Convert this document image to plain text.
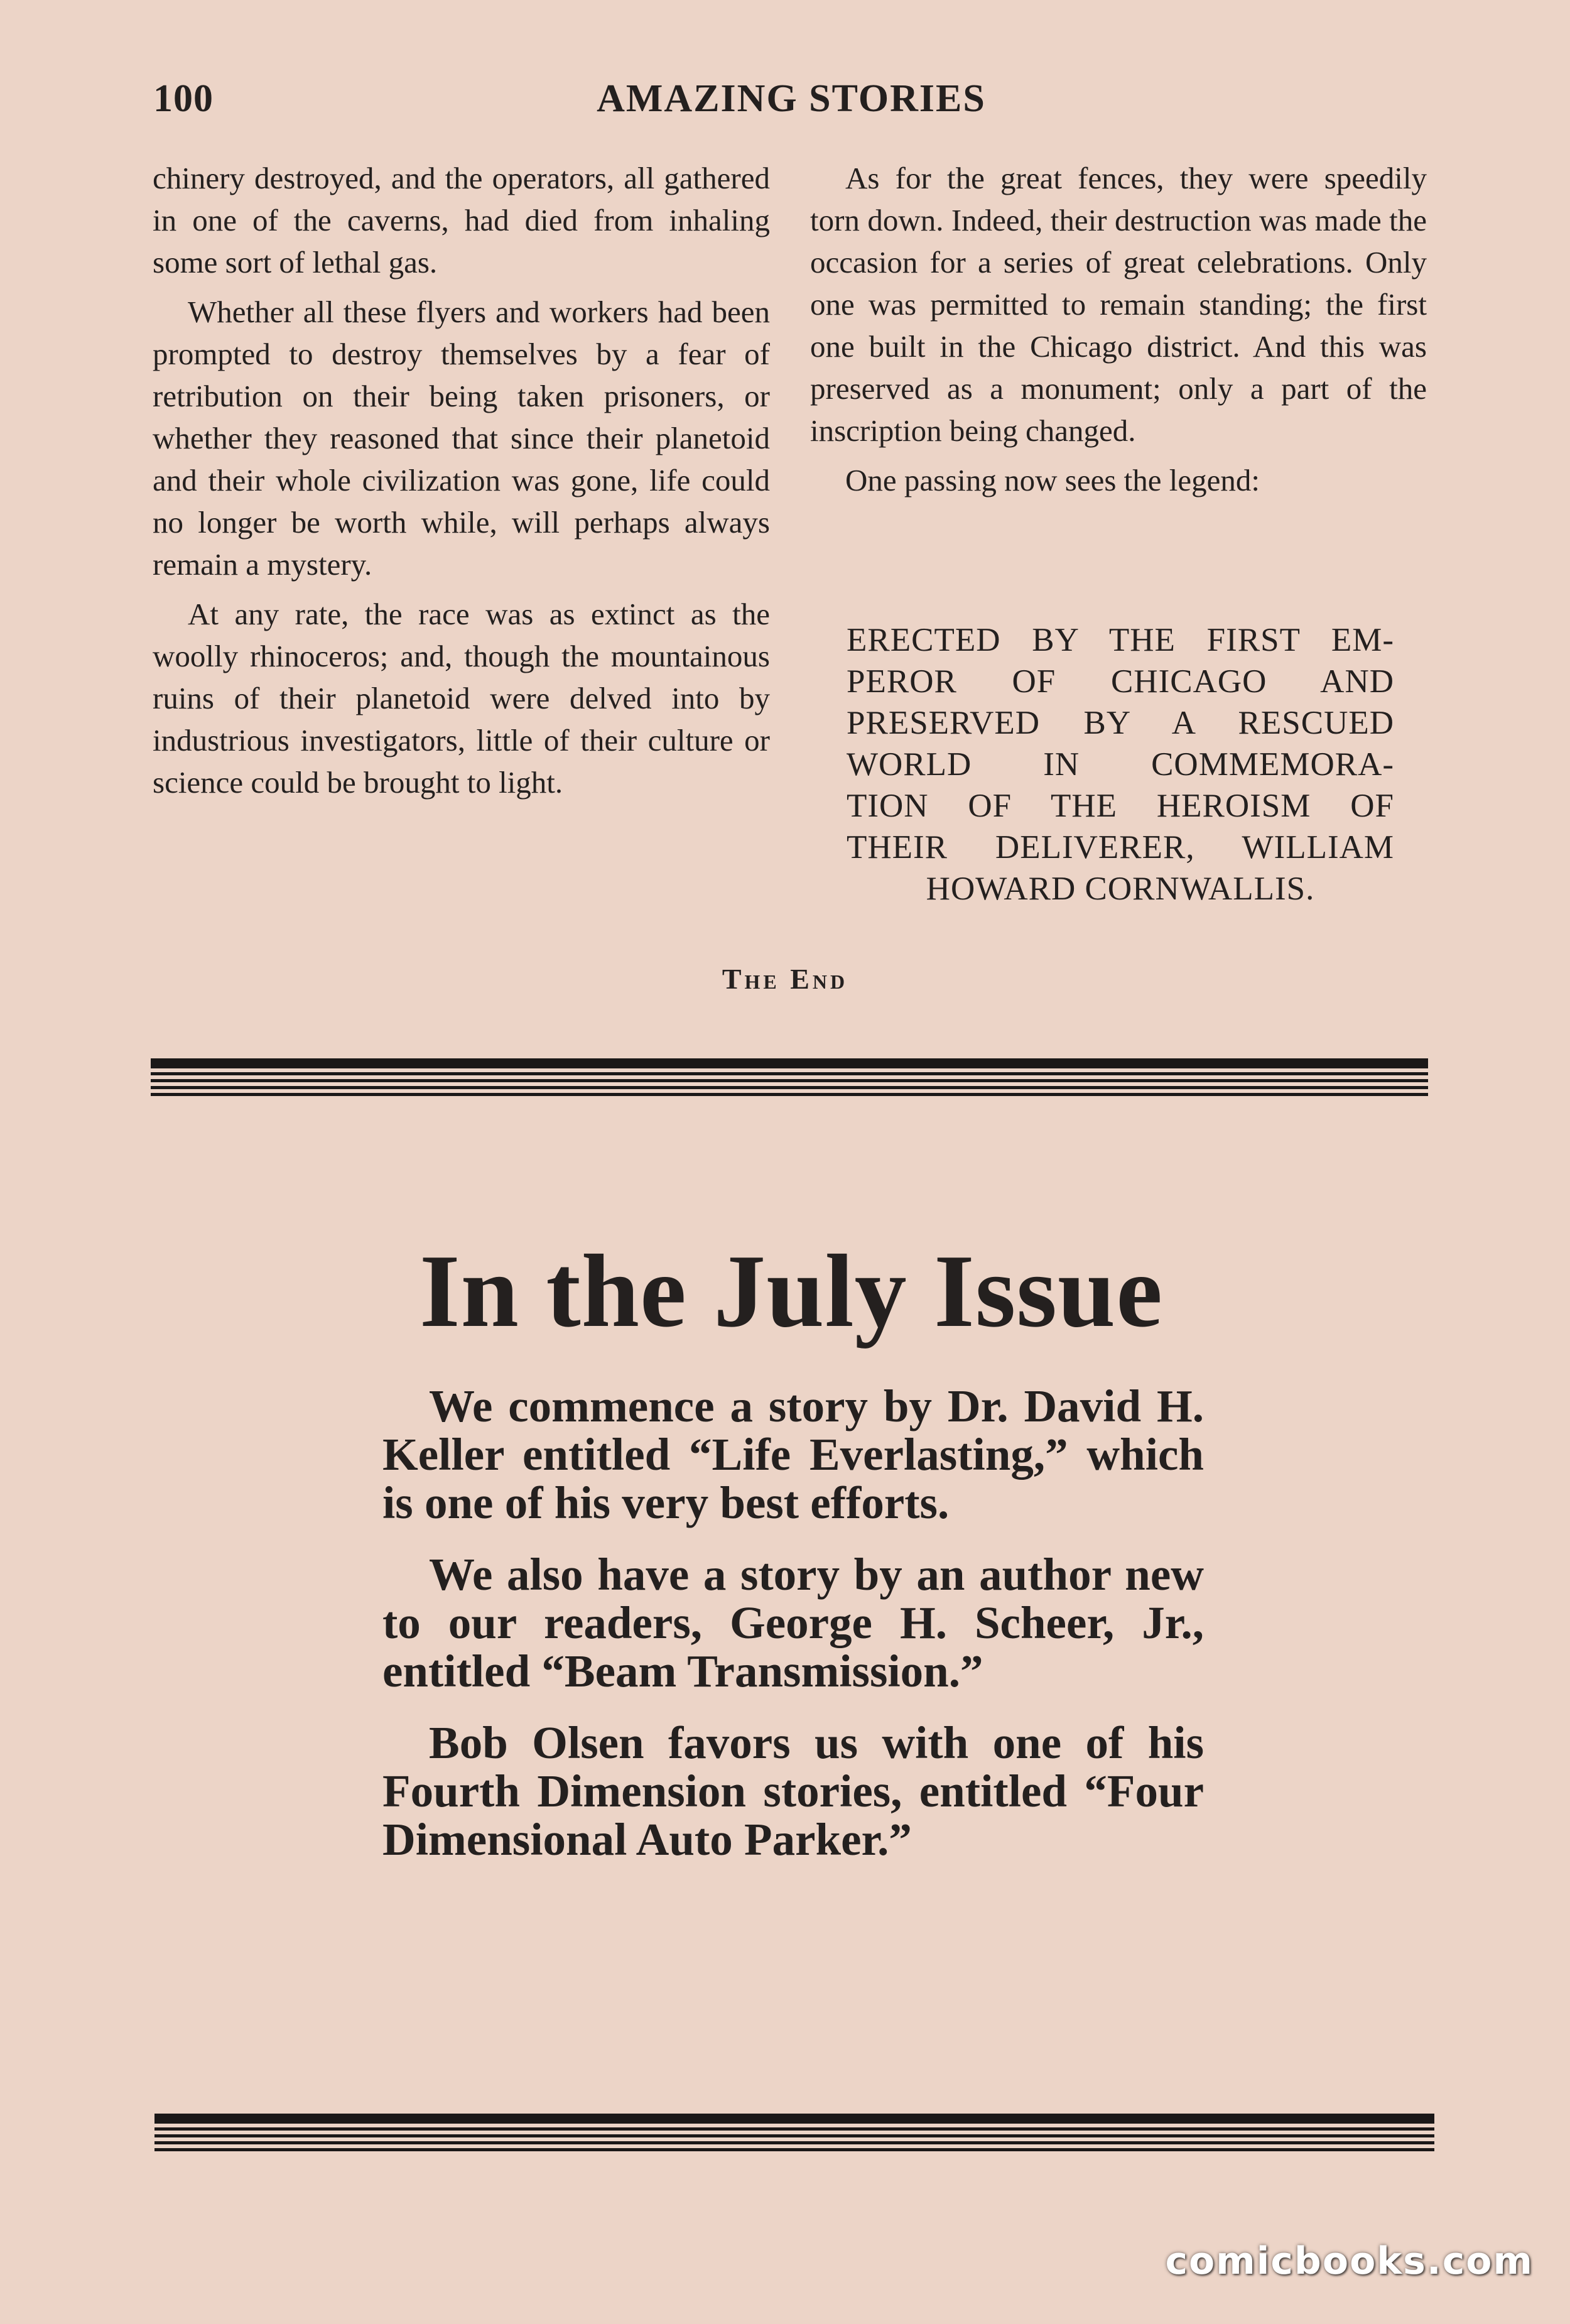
100	AMAZING STORIES

chinery destroyed, and the operators, all gathered in one of the caverns, had died from inhaling some sort of lethal gas.

Whether all these flyers and workers had been prompted to destroy themselves by a fear of retribution on their being taken prisoners, or whether they reasoned that since their planetoid and their whole civilization was gone, life could no longer be worth while, will perhaps always remain a mystery.

At any rate, the race was as extinct as the woolly rhinoceros; and, though the mountainous ruins of their planetoid were delved into by industrious investigators, little of their culture or science could be brought to light.

As for the great fences, they were speedily torn down. Indeed, their destruction was made the occasion for a series of great celebrations. Only one was permitted to remain standing; the first one built in the Chicago district. And this was preserved as a monument; only a part of the inscription being changed.

One passing now sees the legend:

ERECTED BY THE FIRST EM-
PEROR OF CHICAGO AND
PRESERVED BY A RESCUED
WORLD IN COMMEMORA-
TION OF THE HEROISM OF
THEIR DELIVERER, WILLIAM
HOWARD CORNWALLIS.
The End
In the July Issue

We commence a story by Dr. David H. Keller entitled “Life Everlasting,” which is one of his very best efforts.

We also have a story by an author new to our readers, George H. Scheer, Jr., entitled “Beam Transmission.”

Bob Olsen favors us with one of his Fourth Dimension stories, entitled “Four Dimensional Auto Parker.”

comicbooks.com
